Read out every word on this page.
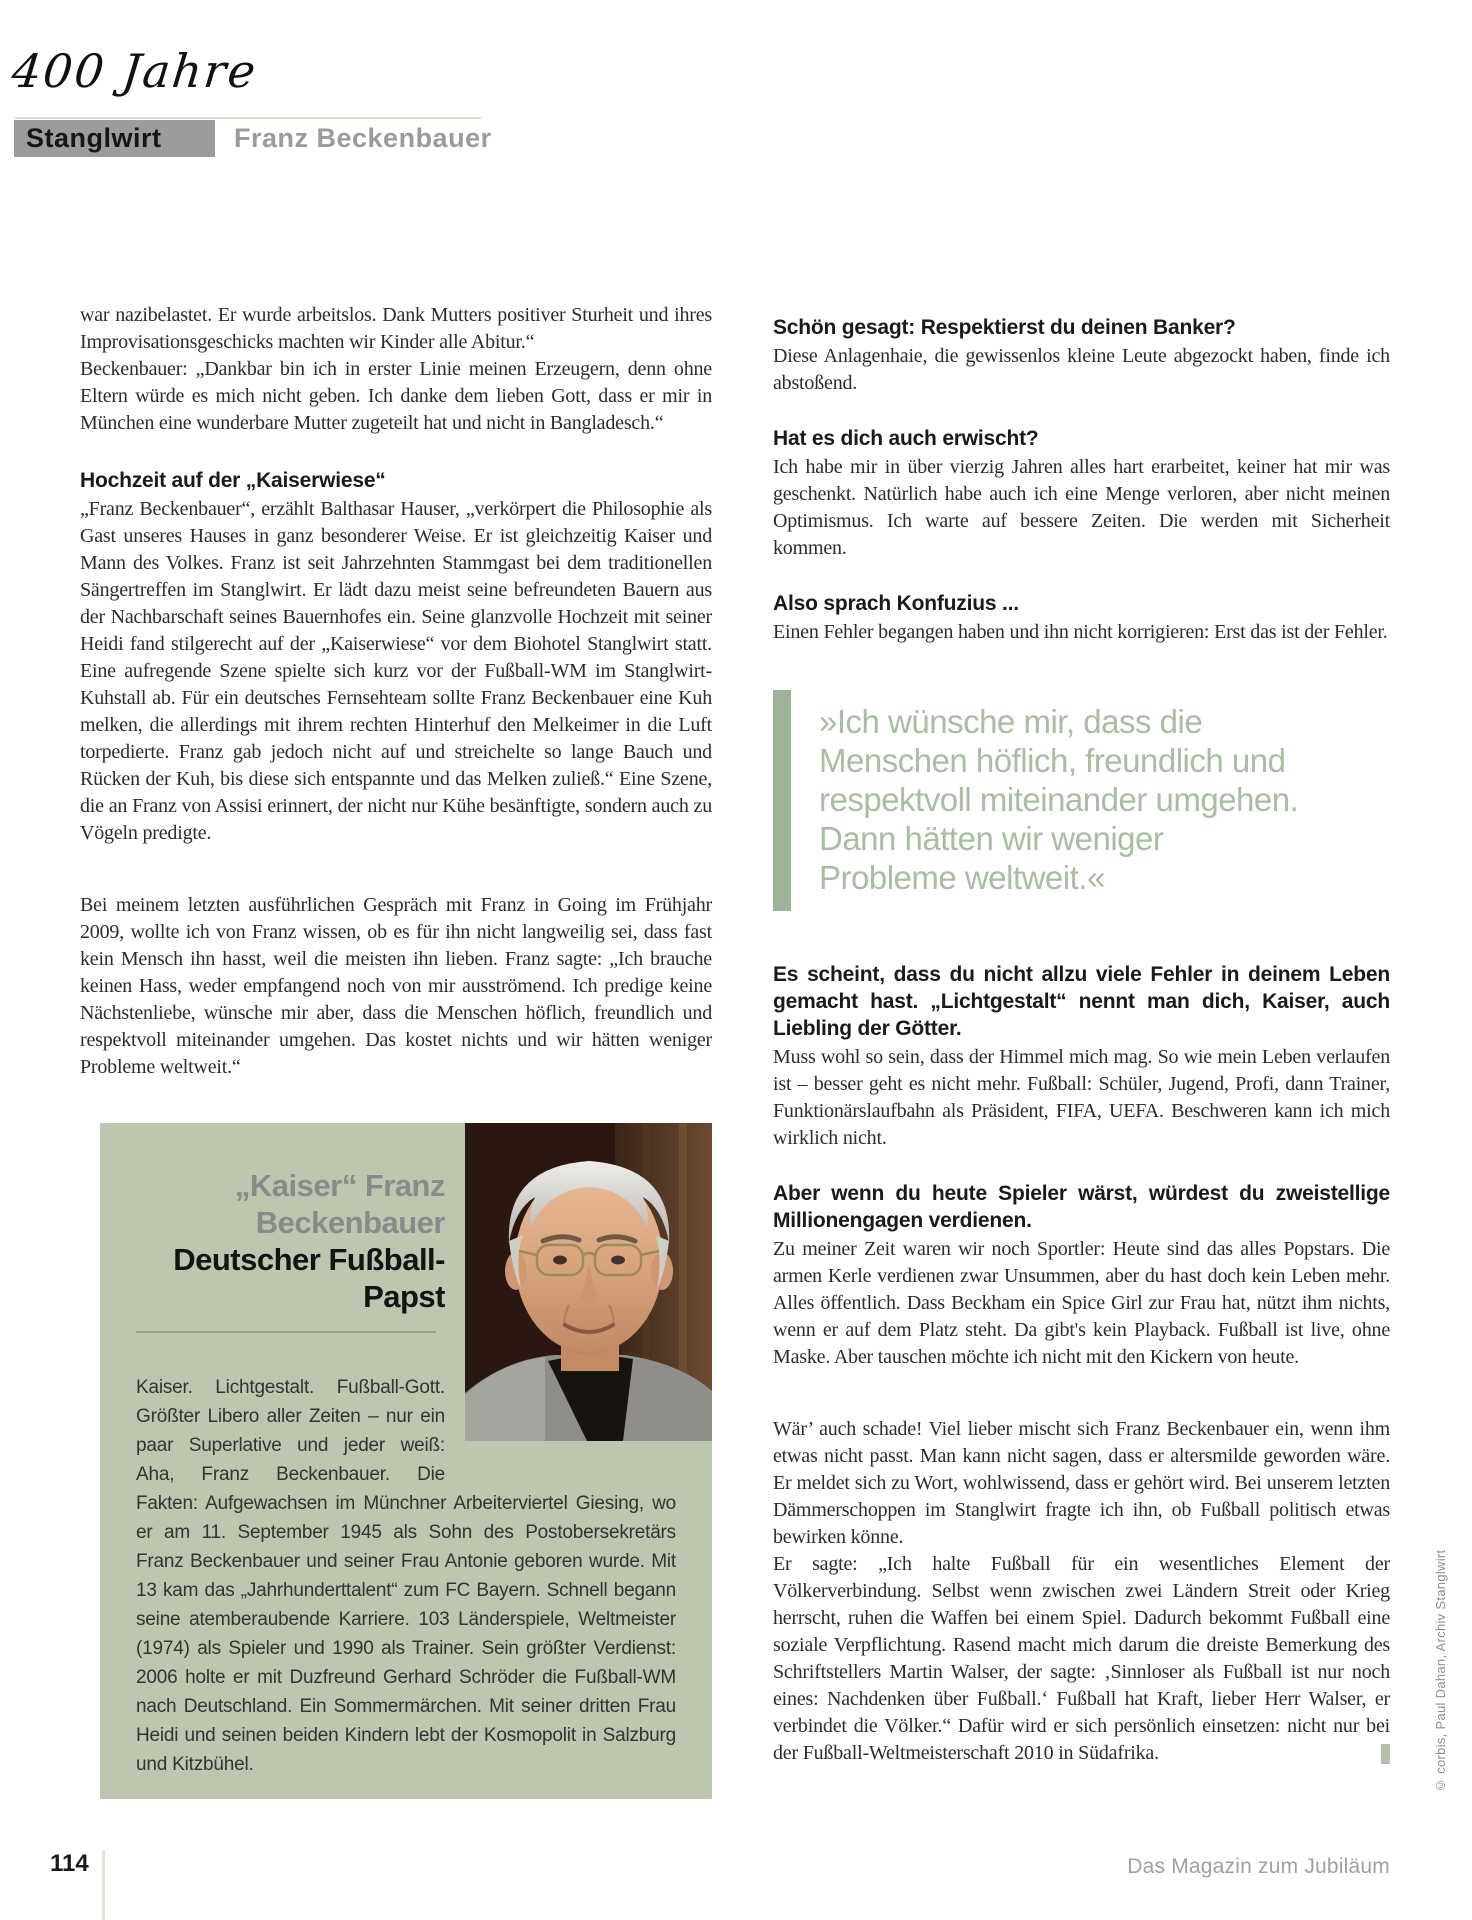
400 Jahre
Stanglwirt	Franz Beckenbauer

war nazibelastet. Er wurde arbeitslos. Dank Mutters positiver Sturheit und ihres Improvisationsgeschicks machten wir Kinder alle Abitur.“

Beckenbauer: „Dankbar bin ich in erster Linie meinen Erzeugern, denn ohne Eltern würde es mich nicht geben. Ich danke dem lieben Gott, dass er mir in München eine wunderbare Mutter zugeteilt hat und nicht in Bangladesch.“

Hochzeit auf der „Kaiserwiese“

„Franz Beckenbauer“, erzählt Balthasar Hauser, „verkörpert die Philosophie als Gast unseres Hauses in ganz besonderer Weise. Er ist gleichzeitig Kaiser und Mann des Volkes. Franz ist seit Jahrzehnten Stammgast bei dem traditionellen Sängertreffen im Stanglwirt. Er lädt dazu meist seine befreundeten Bauern aus der Nachbarschaft seines Bauernhofes ein. Seine glanzvolle Hochzeit mit seiner Heidi fand stilgerecht auf der „Kaiserwiese“ vor dem Biohotel Stanglwirt statt. Eine aufregende Szene spielte sich kurz vor der Fußball-WM im Stanglwirt-Kuhstall ab. Für ein deutsches Fernsehteam sollte Franz Beckenbauer eine Kuh melken, die allerdings mit ihrem rechten Hinterhuf den Melkeimer in die Luft torpedierte. Franz gab jedoch nicht auf und streichelte so lange Bauch und Rücken der Kuh, bis diese sich entspannte und das Melken zuließ.“ Eine Szene, die an Franz von Assisi erinnert, der nicht nur Kühe besänftigte, sondern auch zu Vögeln predigte.

Bei meinem letzten ausführlichen Gespräch mit Franz in Going im Frühjahr 2009, wollte ich von Franz wissen, ob es für ihn nicht langweilig sei, dass fast kein Mensch ihn hasst, weil die meisten ihn lieben. Franz sagte: „Ich brauche keinen Hass, weder empfangend noch von mir ausströmend. Ich predige keine Nächstenliebe, wünsche mir aber, dass die Menschen höflich, freundlich und respektvoll miteinander umgehen. Das kostet nichts und wir hätten weniger Probleme weltweit.“

„Kaiser“ Franz Beckenbauer
Deutscher Fußball-Papst

Kaiser. Lichtgestalt. Fußball-Gott. Größter Libero aller Zeiten – nur ein paar Superlative und jeder weiß: Aha, Franz Beckenbauer. Die Fakten: Aufgewachsen im Münchner Arbeiterviertel Giesing, wo er am 11. September 1945 als Sohn des Postobersekretärs Franz Beckenbauer und seiner Frau Antonie geboren wurde. Mit 13 kam das „Jahrhunderttalent“ zum FC Bayern. Schnell begann seine atemberaubende Karriere. 103 Länderspiele, Weltmeister (1974) als Spieler und 1990 als Trainer. Sein größter Verdienst: 2006 holte er mit Duzfreund Gerhard Schröder die Fußball-WM nach Deutschland. Ein Sommermärchen. Mit seiner dritten Frau Heidi und seinen beiden Kindern lebt der Kosmopolit in Salzburg und Kitzbühel.

Schön gesagt: Respektierst du deinen Banker?

Diese Anlagenhaie, die gewissenlos kleine Leute abgezockt haben, finde ich abstoßend.

Hat es dich auch erwischt?

Ich habe mir in über vierzig Jahren alles hart erarbeitet, keiner hat mir was geschenkt. Natürlich habe auch ich eine Menge verloren, aber nicht meinen Optimismus. Ich warte auf bessere Zeiten. Die werden mit Sicherheit kommen.

Also sprach Konfuzius ...

Einen Fehler begangen haben und ihn nicht korrigieren: Erst das ist der Fehler.

»Ich wünsche mir, dass die Menschen höflich, freundlich und respektvoll miteinander umgehen. Dann hätten wir weniger Probleme weltweit.«

Es scheint, dass du nicht allzu viele Fehler in deinem Leben gemacht hast. „Lichtgestalt“ nennt man dich, Kaiser, auch Liebling der Götter.

Muss wohl so sein, dass der Himmel mich mag. So wie mein Leben verlaufen ist – besser geht es nicht mehr. Fußball: Schüler, Jugend, Profi, dann Trainer, Funktionärslaufbahn als Präsident, FIFA, UEFA. Beschweren kann ich mich wirklich nicht.

Aber wenn du heute Spieler wärst, würdest du zweistellige Millionengagen verdienen.

Zu meiner Zeit waren wir noch Sportler: Heute sind das alles Popstars. Die armen Kerle verdienen zwar Unsummen, aber du hast doch kein Leben mehr. Alles öffentlich. Dass Beckham ein Spice Girl zur Frau hat, nützt ihm nichts, wenn er auf dem Platz steht. Da gibt's kein Playback. Fußball ist live, ohne Maske. Aber tauschen möchte ich nicht mit den Kickern von heute.

Wär’ auch schade! Viel lieber mischt sich Franz Beckenbauer ein, wenn ihm etwas nicht passt. Man kann nicht sagen, dass er altersmilde geworden wäre. Er meldet sich zu Wort, wohlwissend, dass er gehört wird. Bei unserem letzten Dämmerschoppen im Stanglwirt fragte ich ihn, ob Fußball politisch etwas bewirken könne.

Er sagte: „Ich halte Fußball für ein wesentliches Element der Völkerverbindung. Selbst wenn zwischen zwei Ländern Streit oder Krieg herrscht, ruhen die Waffen bei einem Spiel. Dadurch bekommt Fußball eine soziale Verpflichtung. Rasend macht mich darum die dreiste Bemerkung des Schriftstellers Martin Walser, der sagte: ‚Sinnloser als Fußball ist nur noch eines: Nachdenken über Fußball.‘ Fußball hat Kraft, lieber Herr Walser, er verbindet die Völker.“ Dafür wird er sich persönlich einsetzen: nicht nur bei der Fußball-Weltmeisterschaft 2010 in Südafrika.

114	Das Magazin zum Jubiläum
© corbis, Paul Dahan, Archiv Stanglwirt
